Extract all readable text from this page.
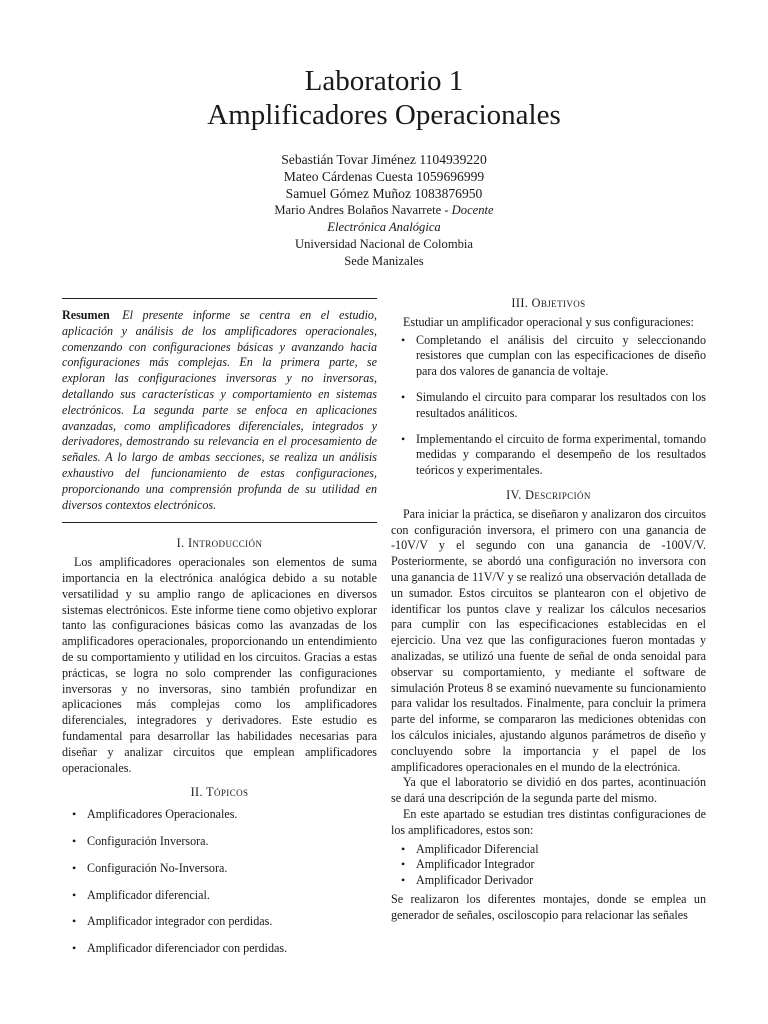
Laboratorio 1
Amplificadores Operacionales
Sebastián Tovar Jiménez 1104939220
Mateo Cárdenas Cuesta 1059696999
Samuel Gómez Muñoz 1083876950
Mario Andres Bolaños Navarrete - Docente
Electrónica Analógica
Universidad Nacional de Colombia
Sede Manizales
Resumen El presente informe se centra en el estudio, aplicación y análisis de los amplificadores operacionales, comenzando con configuraciones básicas y avanzando hacia configuraciones más complejas. En la primera parte, se exploran las configuraciones inversoras y no inversoras, detallando sus características y comportamiento en sistemas electrónicos. La segunda parte se enfoca en aplicaciones avanzadas, como amplificadores diferenciales, integrados y derivadores, demostrando su relevancia en el procesamiento de señales. A lo largo de ambas secciones, se realiza un análisis exhaustivo del funcionamiento de estas configuraciones, proporcionando una comprensión profunda de su utilidad en diversos contextos electrónicos.
I. Introducción

Los amplificadores operacionales son elementos de suma importancia en la electrónica analógica debido a su notable versatilidad y su amplio rango de aplicaciones en diversos sistemas electrónicos. Este informe tiene como objetivo explorar tanto las configuraciones básicas como las avanzadas de los amplificadores operacionales, proporcionando un entendimiento de su comportamiento y utilidad en los circuitos. Gracias a estas prácticas, se logra no solo comprender las configuraciones inversoras y no inversoras, sino también profundizar en aplicaciones más complejas como los amplificadores diferenciales, integradores y derivadores. Este estudio es fundamental para desarrollar las habilidades necesarias para diseñar y analizar circuitos que emplean amplificadores operacionales.

II. Tópicos
• Amplificadores Operacionales.
• Configuración Inversora.
• Configuración No-Inversora.
• Amplificador diferencial.
• Amplificador integrador con perdidas.
• Amplificador diferenciador con perdidas.
III. Objetivos

Estudiar un amplificador operacional y sus configuraciones:

• Completando el análisis del circuito y seleccionando resistores que cumplan con las especificaciones de diseño para dos valores de ganancia de voltaje.
• Simulando el circuito para comparar los resultados con los resultados análiticos.
• Implementando el circuito de forma experimental, tomando medidas y comparando el desempeño de los resultados teóricos y experimentales.
IV. Descripción

Para iniciar la práctica, se diseñaron y analizaron dos circuitos con configuración inversora, el primero con una ganancia de -10V/V y el segundo con una ganancia de -100V/V. Posteriormente, se abordó una configuración no inversora con una ganancia de 11V/V y se realizó una observación detallada de un sumador. Estos circuitos se plantearon con el objetivo de identificar los puntos clave y realizar los cálculos necesarios para cumplir con las especificaciones establecidas en el ejercicio. Una vez que las configuraciones fueron montadas y analizadas, se utilizó una fuente de señal de onda senoidal para observar su comportamiento, y mediante el software de simulación Proteus 8 se examinó nuevamente su funcionamiento para validar los resultados. Finalmente, para concluir la primera parte del informe, se compararon las mediciones obtenidas con los cálculos iniciales, ajustando algunos parámetros de diseño y concluyendo sobre la importancia y el papel de los amplificadores operacionales en el mundo de la electrónica.

Ya que el laboratorio se dividió en dos partes, acontinuación se dará una descripción de la segunda parte del mismo.

En este apartado se estudian tres distintas configuraciones de los amplificadores, estos son:

• Amplificador Diferencial
• Amplificador Integrador
• Amplificador Derivador

Se realizaron los diferentes montajes, donde se emplea un generador de señales, osciloscopio para relacionar las señales
